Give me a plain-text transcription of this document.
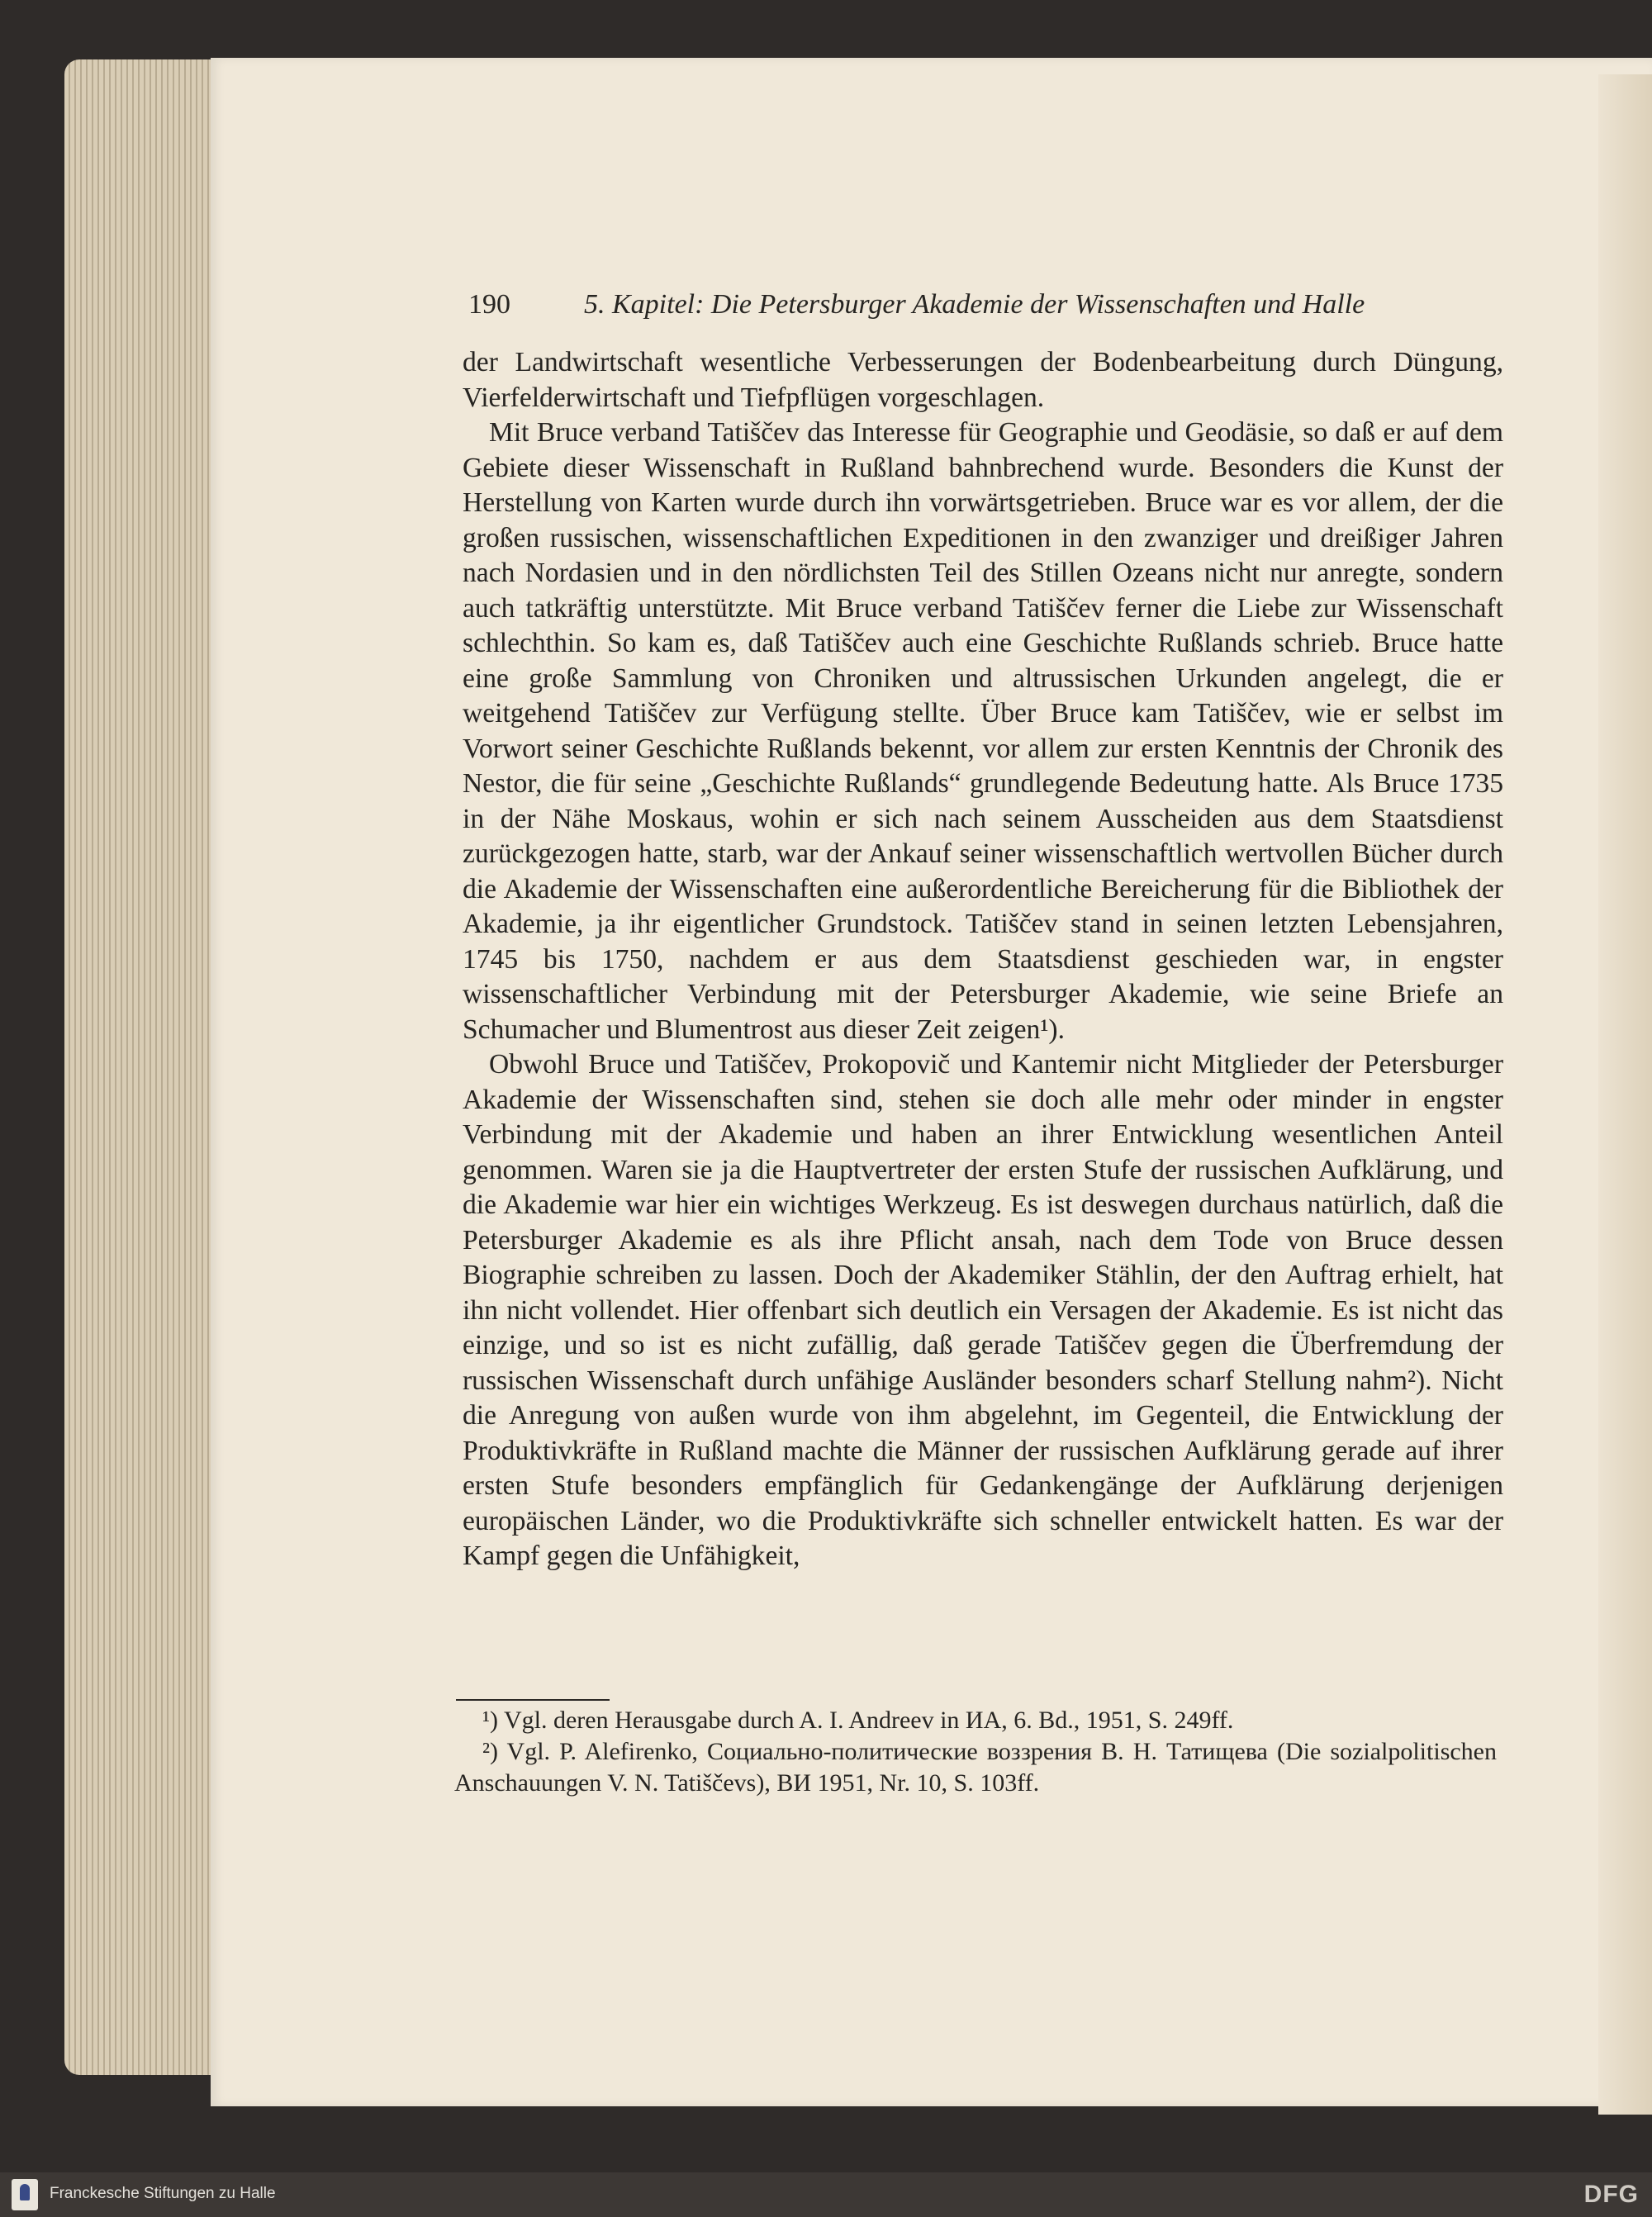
190	5. Kapitel: Die Petersburger Akademie der Wissenschaften und Halle

der Landwirtschaft wesentliche Verbesserungen der Bodenbearbeitung durch Düngung, Vierfelderwirtschaft und Tiefpflügen vorgeschlagen.

Mit Bruce verband Tatiščev das Interesse für Geographie und Geodäsie, so daß er auf dem Gebiete dieser Wissenschaft in Rußland bahnbrechend wurde. Besonders die Kunst der Herstellung von Karten wurde durch ihn vorwärtsgetrieben. Bruce war es vor allem, der die großen russischen, wissenschaftlichen Expeditionen in den zwanziger und dreißiger Jahren nach Nordasien und in den nördlichsten Teil des Stillen Ozeans nicht nur anregte, sondern auch tatkräftig unterstützte. Mit Bruce verband Tatiščev ferner die Liebe zur Wissenschaft schlechthin. So kam es, daß Tatiščev auch eine Geschichte Rußlands schrieb. Bruce hatte eine große Sammlung von Chroniken und altrussischen Urkunden angelegt, die er weitgehend Tatiščev zur Verfügung stellte. Über Bruce kam Tatiščev, wie er selbst im Vorwort seiner Geschichte Rußlands bekennt, vor allem zur ersten Kenntnis der Chronik des Nestor, die für seine „Geschichte Rußlands“ grundlegende Bedeutung hatte. Als Bruce 1735 in der Nähe Moskaus, wohin er sich nach seinem Ausscheiden aus dem Staatsdienst zurückgezogen hatte, starb, war der Ankauf seiner wissenschaftlich wertvollen Bücher durch die Akademie der Wissenschaften eine außerordentliche Bereicherung für die Bibliothek der Akademie, ja ihr eigentlicher Grundstock. Tatiščev stand in seinen letzten Lebensjahren, 1745 bis 1750, nachdem er aus dem Staatsdienst geschieden war, in engster wissenschaftlicher Verbindung mit der Petersburger Akademie, wie seine Briefe an Schumacher und Blumentrost aus dieser Zeit zeigen¹).

Obwohl Bruce und Tatiščev, Prokopovič und Kantemir nicht Mitglieder der Petersburger Akademie der Wissenschaften sind, stehen sie doch alle mehr oder minder in engster Verbindung mit der Akademie und haben an ihrer Entwicklung wesentlichen Anteil genommen. Waren sie ja die Hauptvertreter der ersten Stufe der russischen Aufklärung, und die Akademie war hier ein wichtiges Werkzeug. Es ist deswegen durchaus natürlich, daß die Petersburger Akademie es als ihre Pflicht ansah, nach dem Tode von Bruce dessen Biographie schreiben zu lassen. Doch der Akademiker Stählin, der den Auftrag erhielt, hat ihn nicht vollendet. Hier offenbart sich deutlich ein Versagen der Akademie. Es ist nicht das einzige, und so ist es nicht zufällig, daß gerade Tatiščev gegen die Überfremdung der russischen Wissenschaft durch unfähige Ausländer besonders scharf Stellung nahm²). Nicht die Anregung von außen wurde von ihm abgelehnt, im Gegenteil, die Entwicklung der Produktivkräfte in Rußland machte die Männer der russischen Aufklärung gerade auf ihrer ersten Stufe besonders empfänglich für Gedankengänge der Aufklärung derjenigen europäischen Länder, wo die Produktivkräfte sich schneller entwickelt hatten. Es war der Kampf gegen die Unfähigkeit,

¹) Vgl. deren Herausgabe durch A. I. Andreev in ИА, 6. Bd., 1951, S. 249ff.

²) Vgl. P. Alefirenko, Социально-политические воззрения В. Н. Татищева (Die sozialpolitischen Anschauungen V. N. Tatiščevs), ВИ 1951, Nr. 10, S. 103ff.

Franckesche Stiftungen zu Halle	DFG
